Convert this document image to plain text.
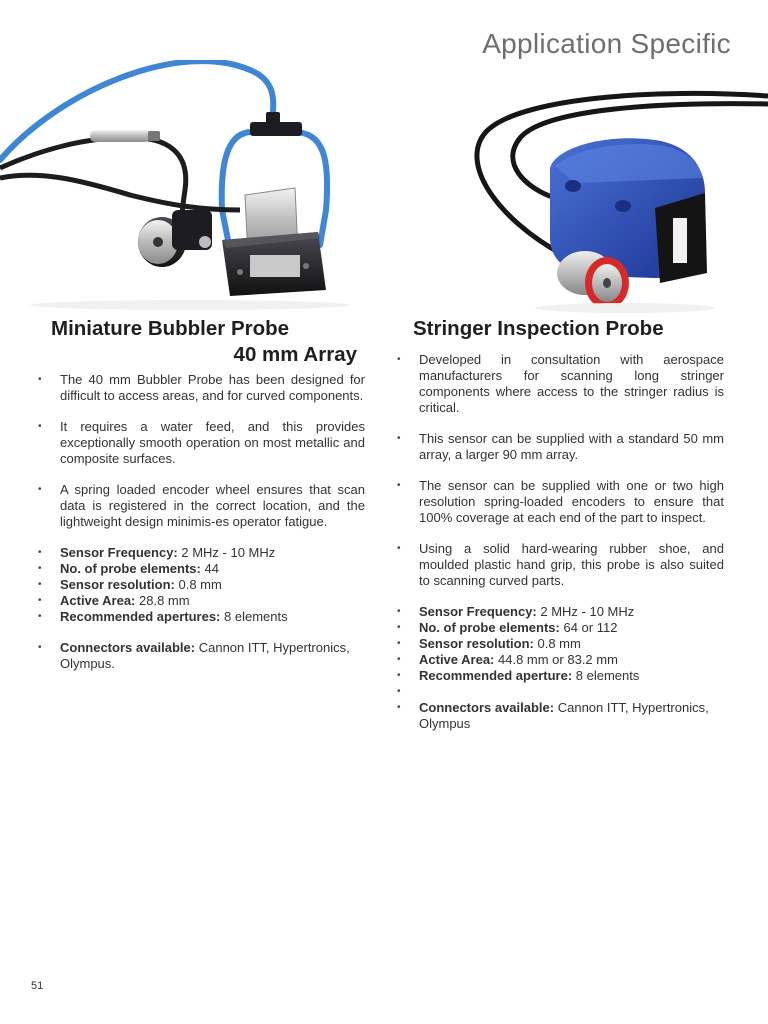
Application Specific
Miniature Bubbler Probe
40 mm Array
• The 40 mm Bubbler Probe has been designed for difficult to access areas, and for curved components.
• It requires a water feed, and this provides exceptionally smooth operation on most metallic and composite surfaces.
• A spring loaded encoder wheel ensures that scan data is registered in the correct location, and the lightweight design minimis-es operator fatigue.
• Sensor Frequency: 2 MHz - 10 MHz
• No. of probe elements: 44
• Sensor resolution: 0.8 mm
• Active Area: 28.8 mm
• Recommended apertures: 8 elements
• Connectors available: Cannon ITT, Hypertronics, Olympus.
Stringer Inspection Probe
• Developed in consultation with aerospace manufacturers for scanning long stringer components where access to the stringer radius is critical.
• This sensor can be supplied with a standard 50 mm array, a larger 90 mm array.
• The sensor can be supplied with one or two high resolution spring-loaded encoders to ensure that 100% coverage at each end of the part to inspect.
• Using a solid hard-wearing rubber shoe, and moulded plastic hand grip, this probe is also suited to scanning curved parts.
• Sensor Frequency: 2 MHz - 10 MHz
• No. of probe elements: 64 or 112
• Sensor resolution: 0.8 mm
• Active Area: 44.8 mm or 83.2 mm
• Recommended aperture: 8 elements
•
• Connectors available: Cannon ITT, Hypertronics, Olympus
51
